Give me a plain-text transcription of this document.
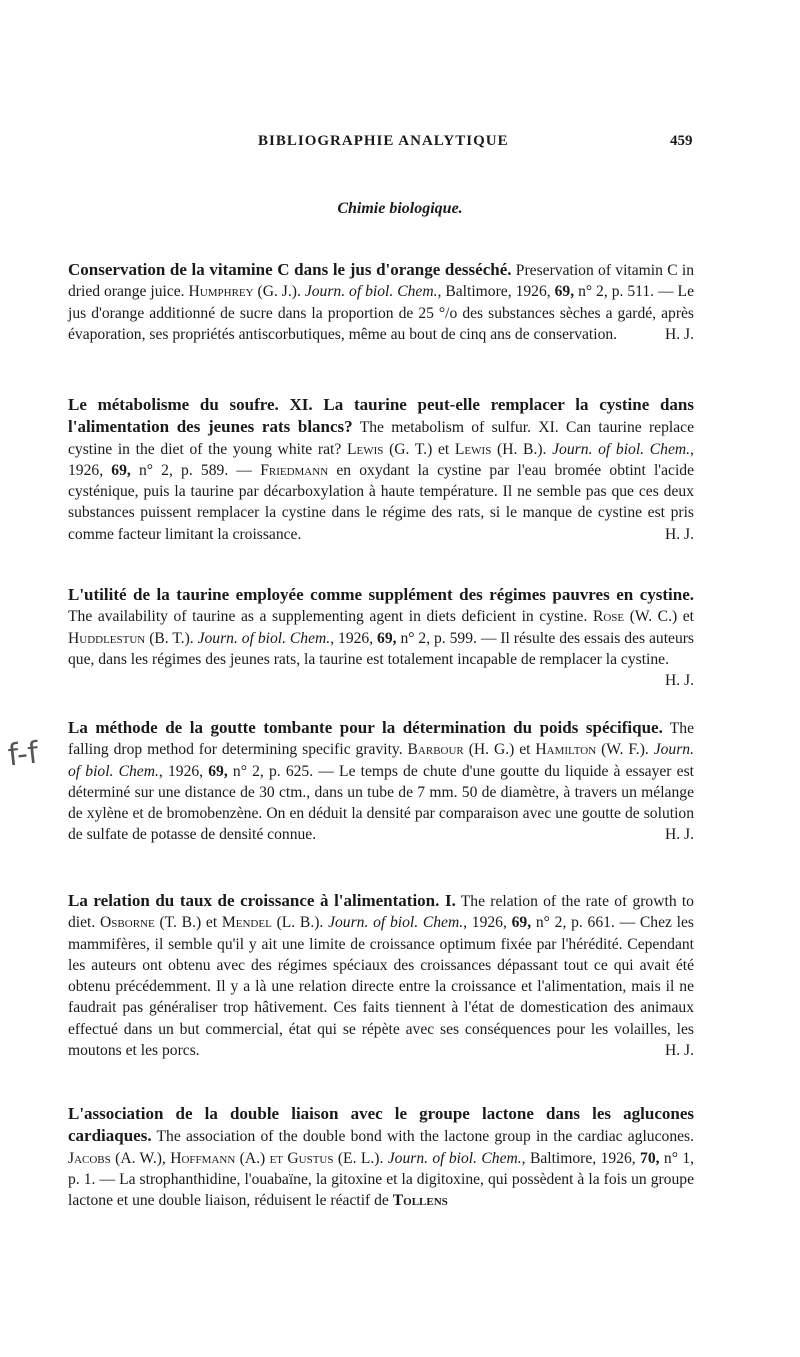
BIBLIOGRAPHIE ANALYTIQUE	459
Chimie biologique.
f-f

Conservation de la vitamine C dans le jus d'orange desséché. Preservation of vitamin C in dried orange juice. Humphrey (G. J.). Journ. of biol. Chem., Baltimore, 1926, 69, n° 2, p. 511. — Le jus d'orange additionné de sucre dans la proportion de 25 °/o des substances sèches a gardé, après évaporation, ses propriétés antiscorbutiques, même au bout de cinq ans de conservation.	H. J.

Le métabolisme du soufre. XI. La taurine peut-elle remplacer la cystine dans l'alimentation des jeunes rats blancs? The metabolism of sulfur. XI. Can taurine replace cystine in the diet of the young white rat? Lewis (G. T.) et Lewis (H. B.). Journ. of biol. Chem., 1926, 69, n° 2, p. 589. — Friedmann en oxydant la cystine par l'eau bromée obtint l'acide cysténique, puis la taurine par décarboxylation à haute température. Il ne semble pas que ces deux substances puissent remplacer la cystine dans le régime des rats, si le manque de cystine est pris comme facteur limitant la croissance.	H. J.

L'utilité de la taurine employée comme supplément des régimes pauvres en cystine. The availability of taurine as a supplementing agent in diets deficient in cystine. Rose (W. C.) et Huddlestun (B. T.). Journ. of biol. Chem., 1926, 69, n° 2, p. 599. — Il résulte des essais des auteurs que, dans les régimes des jeunes rats, la taurine est totalement incapable de remplacer la cystine.
H. J.

La méthode de la goutte tombante pour la détermination du poids spécifique. The falling drop method for determining specific gravity. Barbour (H. G.) et Hamilton (W. F.). Journ. of biol. Chem., 1926, 69, n° 2, p. 625. — Le temps de chute d'une goutte du liquide à essayer est déterminé sur une distance de 30 ctm., dans un tube de 7 mm. 50 de diamètre, à travers un mélange de xylène et de bromobenzène. On en déduit la densité par comparaison avec une goutte de solution de sulfate de potasse de densité connue.	H. J.

La relation du taux de croissance à l'alimentation. I. The relation of the rate of growth to diet. Osborne (T. B.) et Mendel (L. B.). Journ. of biol. Chem., 1926, 69, n° 2, p. 661. — Chez les mammifères, il semble qu'il y ait une limite de croissance optimum fixée par l'hérédité. Cependant les auteurs ont obtenu avec des régimes spéciaux des croissances dépassant tout ce qui avait été obtenu précédemment. Il y a là une relation directe entre la croissance et l'alimentation, mais il ne faudrait pas généraliser trop hâtivement. Ces faits tiennent à l'état de domestication des animaux effectué dans un but commercial, état qui se répète avec ses conséquences pour les volailles, les moutons et les porcs.	H. J.

L'association de la double liaison avec le groupe lactone dans les aglucones cardiaques. The association of the double bond with the lactone group in the cardiac aglucones. Jacobs (A. W.), Hoffmann (A.) et Gustus (E. L.). Journ. of biol. Chem., Baltimore, 1926, 70, n° 1, p. 1. — La strophanthidine, l'ouabaïne, la gitoxine et la digitoxine, qui possèdent à la fois un groupe lactone et une double liaison, réduisent le réactif de Tollens
